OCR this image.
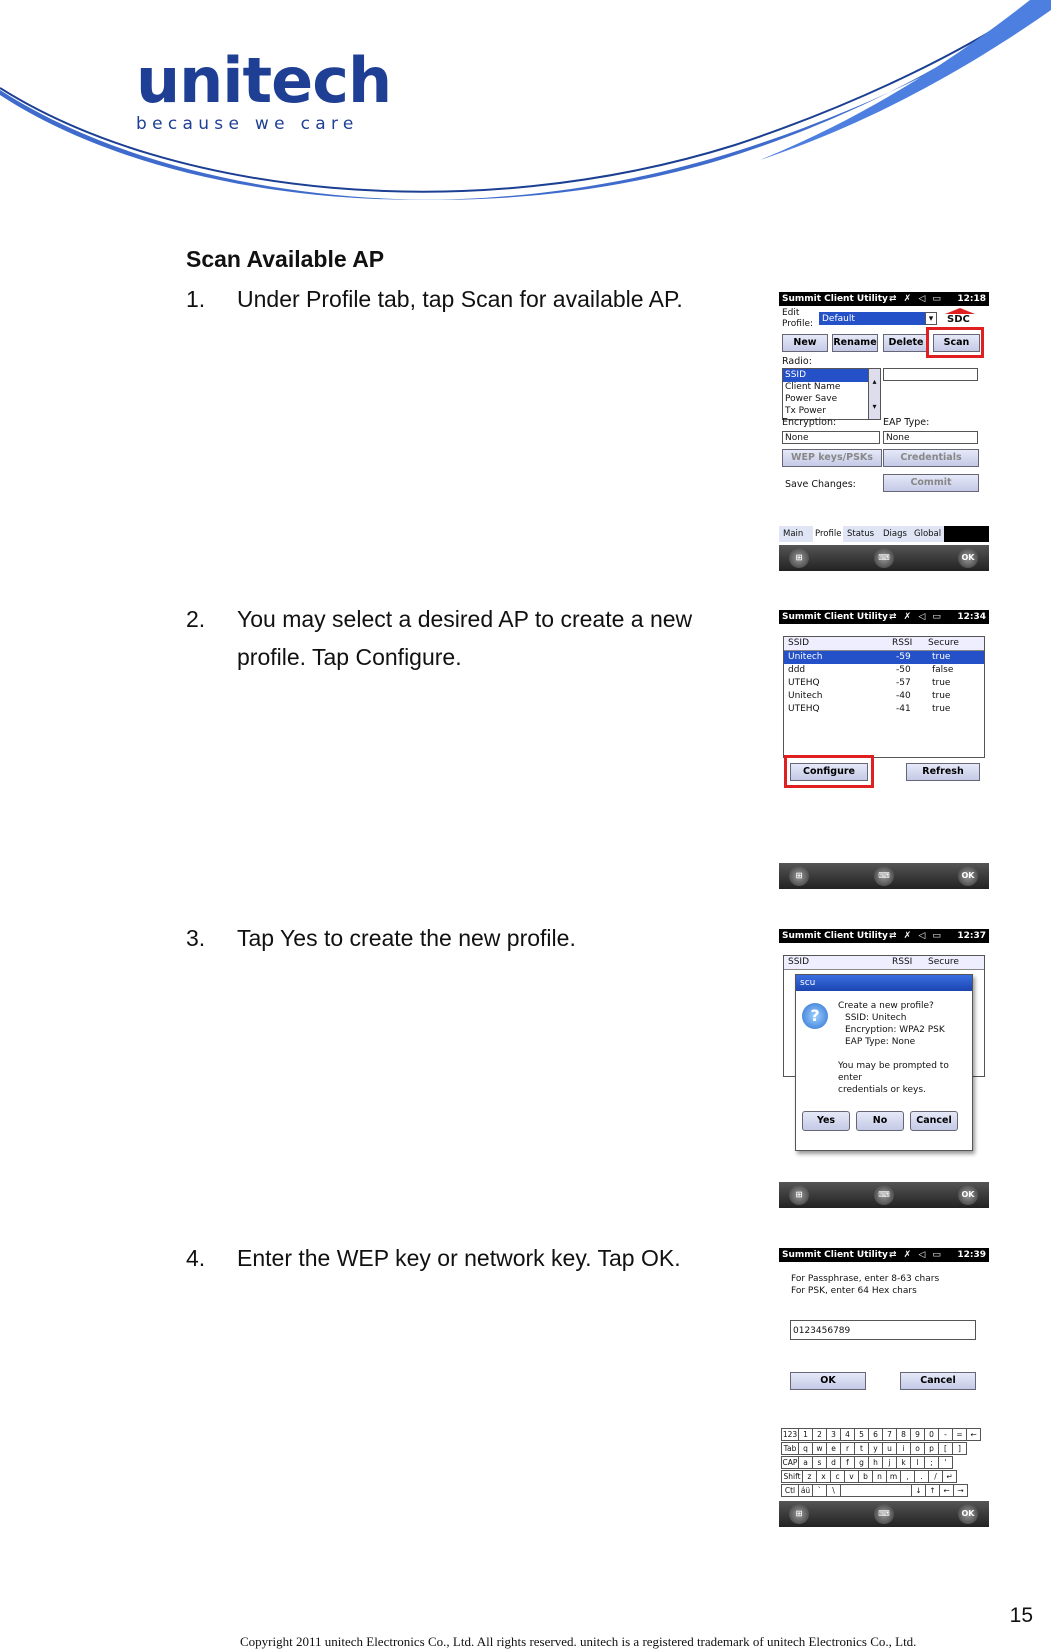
unitech
because we care
Scan Available AP
1.	Under Profile tab, tap Scan for available AP.
2.	You may select a desired AP to create a new profile. Tap Configure.
3.	Tap Yes to create the new profile.
4.	Enter the WEP key or network key. Tap OK.
Summit Client Utility ⇄ ✗ ◁ ▭ 12:18
Edit Profile: Default	▾	SDC
New	Rename	Delete	Scan
Radio:
SSID
Client Name
Power Save
Tx Power
▴
▾
Encryption:	EAP Type:
None	None
WEP keys/PSKs	Credentials
Save Changes:	Commit
Main Profile Status Diags Global
⊞	⌨	OK
Summit Client Utility ⇄ ✗ ◁ ▭ 12:34
SSID	RSSI Secure
Unitech	-59 true
ddd	-50 false
UTEHQ	-57 true
Unitech	-40 true
UTEHQ	-41 true
Configure	Refresh
⊞	⌨	OK
Summit Client Utility ⇄ ✗ ◁ ▭ 12:37
SSID	RSSI Secure
scu
?	Create a new profile?
SSID: Unitech
Encryption: WPA2 PSK
EAP Type: None
You may be prompted to
enter
credentials or keys.
Yes	No	Cancel
⊞	⌨	OK
Summit Client Utility ⇄ ✗ ◁ ▭ 12:39
For Passphrase, enter 8-63 chars
For PSK, enter 64 Hex chars
0123456789
OK	Cancel
123 1	2	3	4	5	6	7	8	9	0	-	=	←
Tab q	w	e	r	t	y	u	i	o	p	[	]
CAP a	s	d	f	g	h	j	k	l	;	'
Shift z	x	c	v	b	n	m	,	.	/	↵
Ctl áü `	\	↓	↑	←	→
⊞	⌨	OK
Copyright 2011 unitech Electronics Co., Ltd. All rights reserved. unitech is a registered trademark of unitech Electronics Co., Ltd.
15
